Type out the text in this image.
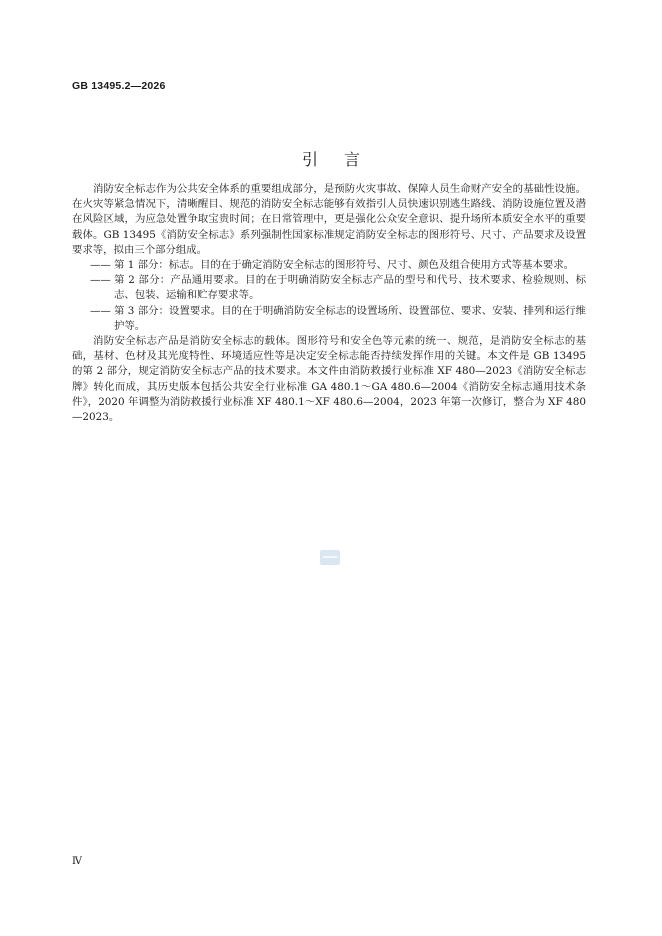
GB 13495.2—2026
引言

消防安全标志作为公共安全体系的重要组成部分，是预防火灾事故、保障人员生命财产安全的基础性设施。在火灾等紧急情况下，清晰醒目、规范的消防安全标志能够有效指引人员快速识别逃生路线、消防设施位置及潜在风险区域，为应急处置争取宝贵时间；在日常管理中，更是强化公众安全意识、提升场所本质安全水平的重要载体。GB 13495《消防安全标志》系列强制性国家标准规定消防安全标志的图形符号、尺寸、产品要求及设置要求等，拟由三个部分组成。

—— 第 1 部分：标志。目的在于确定消防安全标志的图形符号、尺寸、颜色及组合使用方式等基本要求。

—— 第 2 部分：产品通用要求。目的在于明确消防安全标志产品的型号和代号、技术要求、检验规则、标志、包装、运输和贮存要求等。

—— 第 3 部分：设置要求。目的在于明确消防安全标志的设置场所、设置部位、要求、安装、排列和运行维护等。

消防安全标志产品是消防安全标志的载体。图形符号和安全色等元素的统一、规范，是消防安全标志的基础，基材、色材及其光度特性、环境适应性等是决定安全标志能否持续发挥作用的关键。本文件是 GB 13495 的第 2 部分，规定消防安全标志产品的技术要求。本文件由消防救援行业标准 XF 480—2023《消防安全标志牌》转化而成，其历史版本包括公共安全行业标准 GA 480.1～GA 480.6—2004《消防安全标志通用技术条件》，2020 年调整为消防救援行业标准 XF 480.1～XF 480.6—2004，2023 年第一次修订，整合为 XF 480—2023。

Ⅳ
